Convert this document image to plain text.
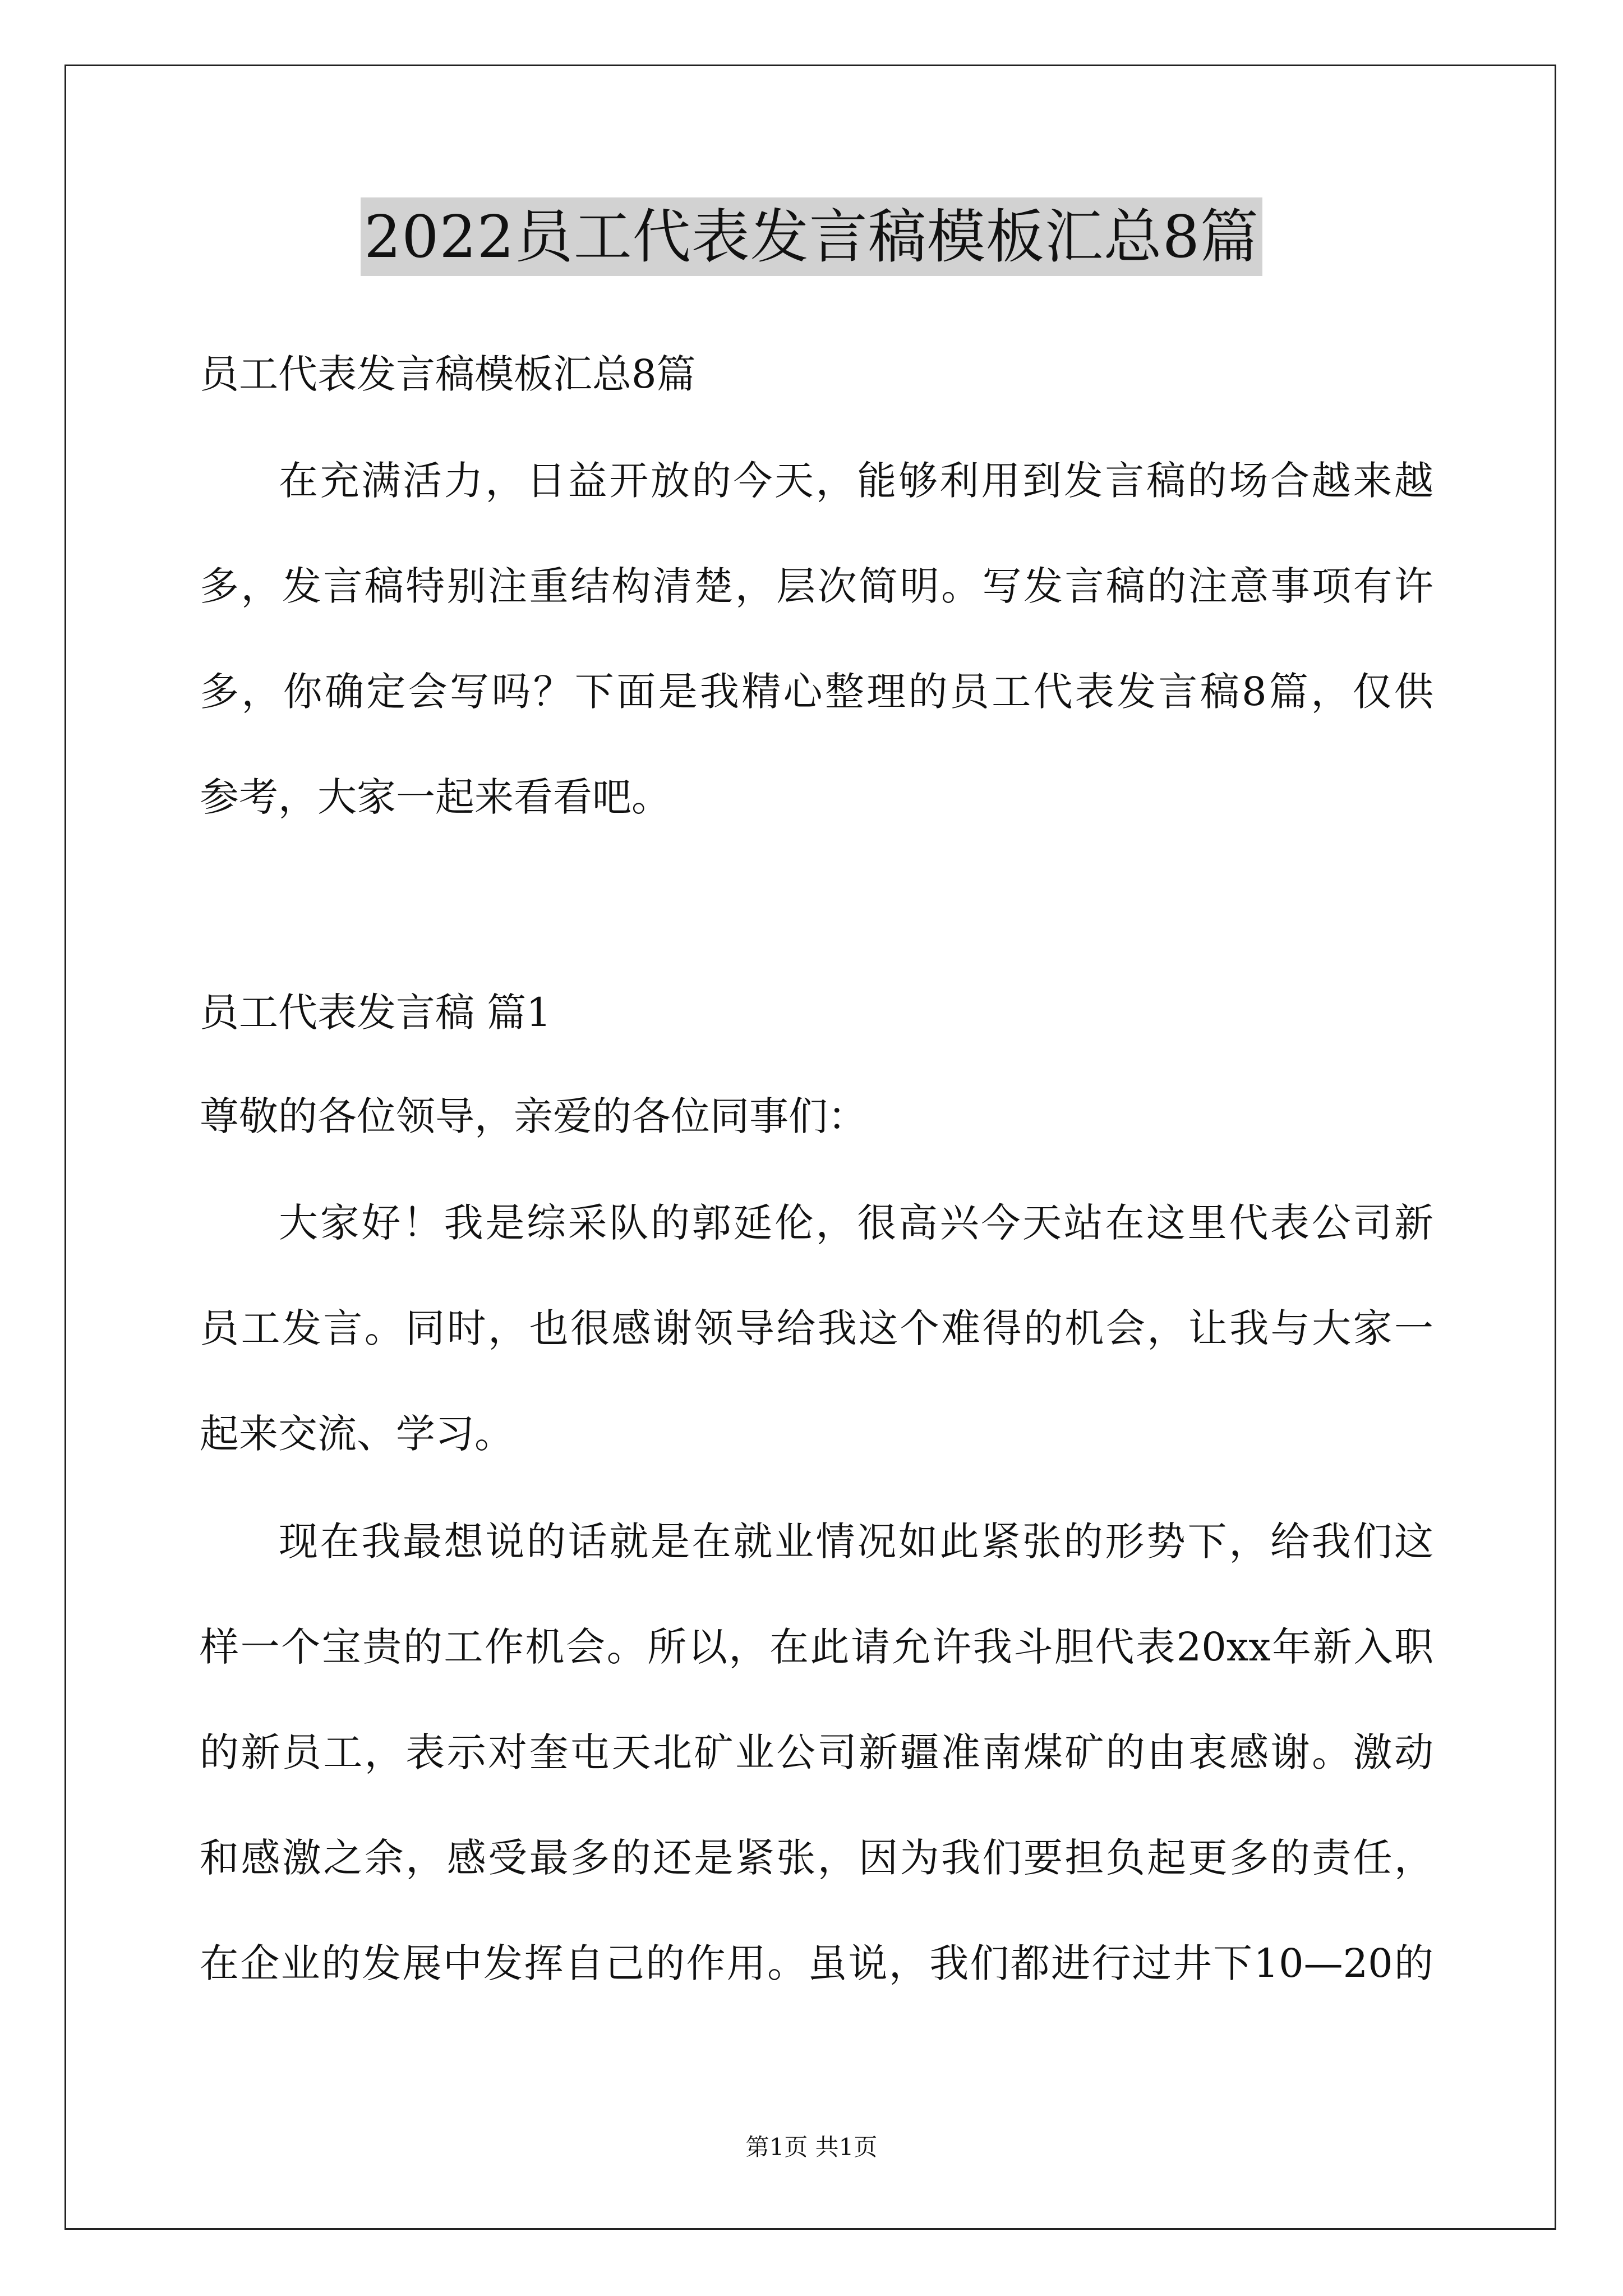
2022员工代表发言稿模板汇总8篇
员工代表发言稿模板汇总8篇
在充满活力，日益开放的今天，能够利用到发言稿的场合越来越
多，发言稿特别注重结构清楚，层次简明。写发言稿的注意事项有许
多，你确定会写吗？下面是我精心整理的员工代表发言稿8篇，仅供
参考，大家一起来看看吧。
员工代表发言稿 篇1
尊敬的各位领导，亲爱的各位同事们：
大家好！我是综采队的郭延伦，很高兴今天站在这里代表公司新
员工发言。同时，也很感谢领导给我这个难得的机会，让我与大家一
起来交流、学习。
现在我最想说的话就是在就业情况如此紧张的形势下，给我们这
样一个宝贵的工作机会。所以，在此请允许我斗胆代表20xx年新入职
的新员工，表示对奎屯天北矿业公司新疆准南煤矿的由衷感谢。激动
和感激之余，感受最多的还是紧张，因为我们要担负起更多的责任，
在企业的发展中发挥自己的作用。虽说，我们都进行过井下10—20的
第1页 共1页
